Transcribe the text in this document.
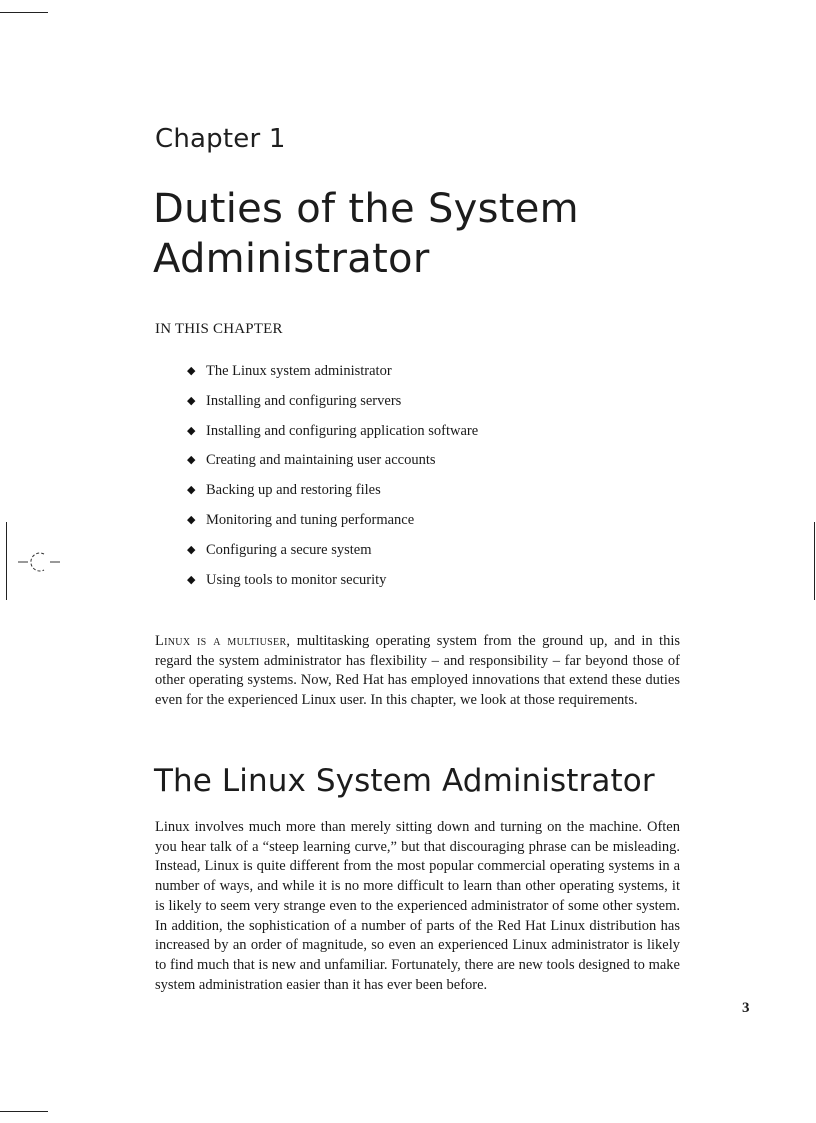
Chapter 1
Duties of the System
Administrator
IN THIS CHAPTER
◆ The Linux system administrator
◆ Installing and configuring servers
◆ Installing and configuring application software
◆ Creating and maintaining user accounts
◆ Backing up and restoring files
◆ Monitoring and tuning performance
◆ Configuring a secure system
◆ Using tools to monitor security

Linux is a multiuser, multitasking operating system from the ground up, and in this regard the system administrator has flexibility – and responsibility – far beyond those of other operating systems. Now, Red Hat has employed innovations that extend these duties even for the experienced Linux user. In this chapter, we look at those requirements.

The Linux System Administrator

Linux involves much more than merely sitting down and turning on the machine. Often you hear talk of a “steep learning curve,” but that discouraging phrase can be misleading. Instead, Linux is quite different from the most popular commercial operating systems in a number of ways, and while it is no more difficult to learn than other operating systems, it is likely to seem very strange even to the experienced administrator of some other system. In addition, the sophistication of a number of parts of the Red Hat Linux distribution has increased by an order of magnitude, so even an experienced Linux administrator is likely to find much that is new and unfamiliar. Fortunately, there are new tools designed to make system administration easier than it has ever been before.

3
